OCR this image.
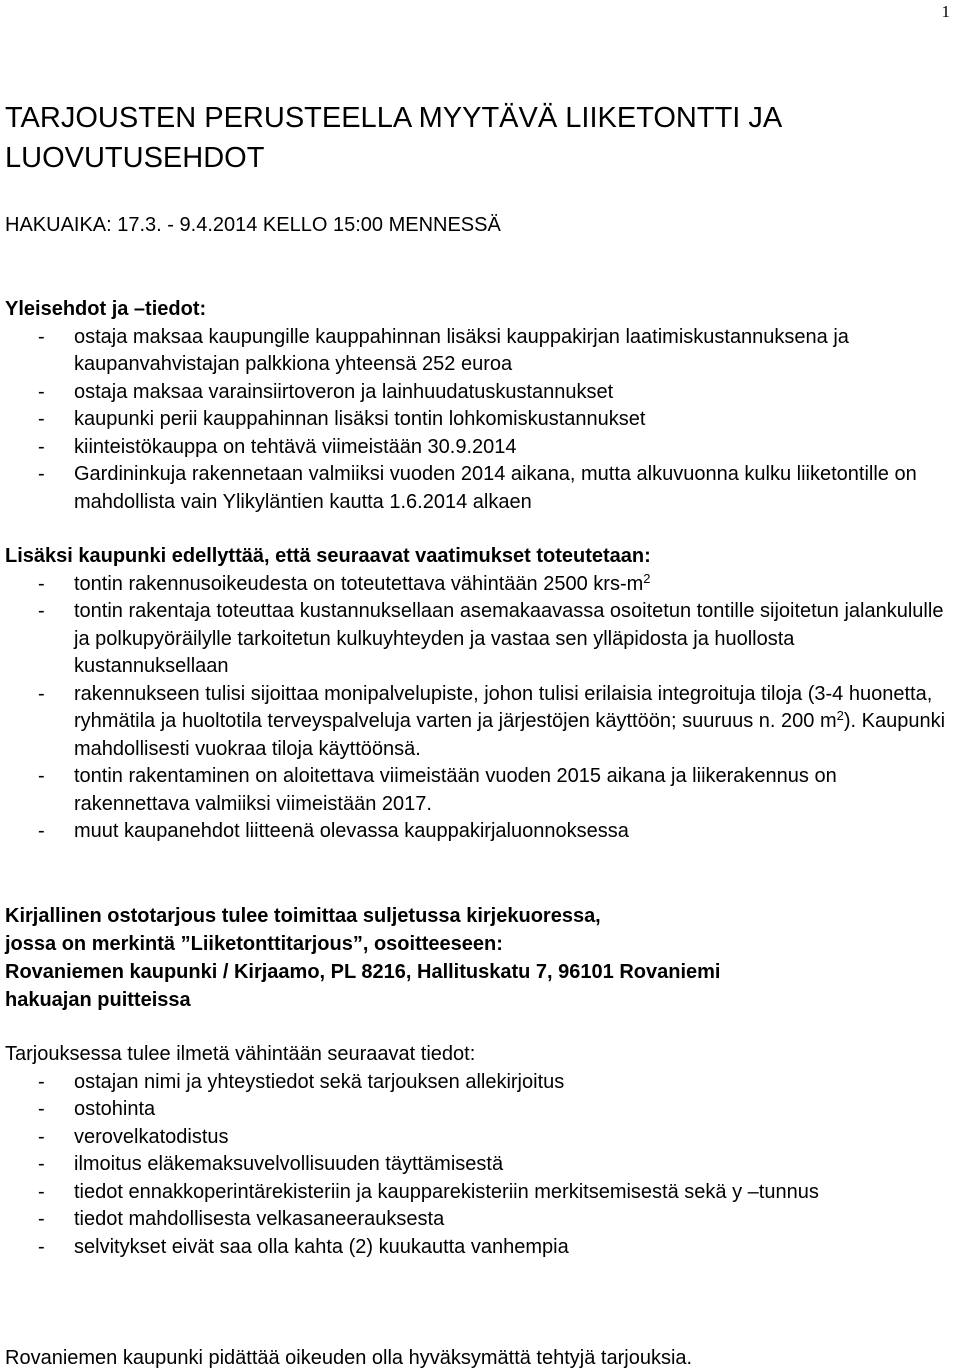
1
TARJOUSTEN PERUSTEELLA MYYTÄVÄ LIIKETONTTI JA LUOVUTUSEHDOT
HAKUAIKA: 17.3. - 9.4.2014 KELLO 15:00 MENNESSÄ
Yleisehdot ja –tiedot:
- ostaja maksaa kaupungille kauppahinnan lisäksi kauppakirjan laatimiskustannuksena ja kaupanvahvistajan palkkiona yhteensä 252 euroa
- ostaja maksaa varainsiirtoveron ja lainhuudatuskustannukset
- kaupunki perii kauppahinnan lisäksi tontin lohkomiskustannukset
- kiinteistökauppa on tehtävä viimeistään 30.9.2014
- Gardininkuja rakennetaan valmiiksi vuoden 2014 aikana, mutta alkuvuonna kulku liiketontille on mahdollista vain Ylikyläntien kautta 1.6.2014 alkaen
Lisäksi kaupunki edellyttää, että seuraavat vaatimukset toteutetaan:
- tontin rakennusoikeudesta on toteutettava vähintään 2500 krs-$m^2$
- tontin rakentaja toteuttaa kustannuksellaan asemakaavassa osoitetun tontille sijoitetun jalankululle ja polkupyöräilylle tarkoitetun kulkuyhteyden ja vastaa sen ylläpidosta ja huollosta kustannuksellaan
- rakennukseen tulisi sijoittaa monipalvelupiste, johon tulisi erilaisia integroituja tiloja (3-4 huonetta, ryhmätila ja huoltotila terveyspalveluja varten ja järjestöjen käyttöön; suuruus n. 200 $m^2$). Kaupunki mahdollisesti vuokraa tiloja käyttöönsä.
- tontin rakentaminen on aloitettava viimeistään vuoden 2015 aikana ja liikerakennus on rakennettava valmiiksi viimeistään 2017.
- muut kaupanehdot liitteenä olevassa kauppakirjaluonnoksessa
Kirjallinen ostotarjous tulee toimittaa suljetussa kirjekuoressa,
jossa on merkintä ”Liiketonttitarjous”, osoitteeseen:
Rovaniemen kaupunki / Kirjaamo, PL 8216, Hallituskatu 7, 96101 Rovaniemi
hakuajan puitteissa
Tarjouksessa tulee ilmetä vähintään seuraavat tiedot:
- ostajan nimi ja yhteystiedot sekä tarjouksen allekirjoitus
- ostohinta
- verovelkatodistus
- ilmoitus eläkemaksuvelvollisuuden täyttämisestä
- tiedot ennakkoperintärekisteriin ja kaupparekisteriin merkitsemisestä sekä y –tunnus
- tiedot mahdollisesta velkasaneerauksesta
- selvitykset eivät saa olla kahta (2) kuukautta vanhempia
Rovaniemen kaupunki pidättää oikeuden olla hyväksymättä tehtyjä tarjouksia.
